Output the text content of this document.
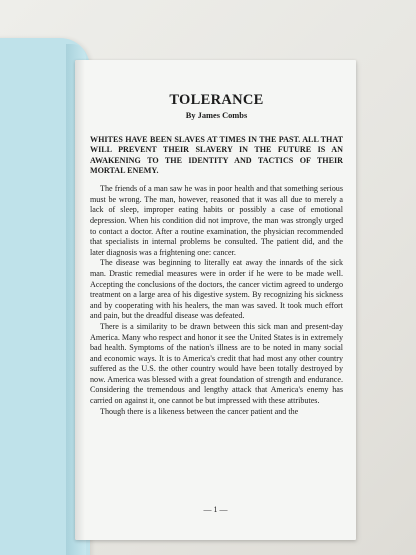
TOLERANCE

By James Combs

WHITES HAVE BEEN SLAVES AT TIMES IN THE PAST. ALL THAT WILL PREVENT THEIR SLAVERY IN THE FUTURE IS AN AWAKENING TO THE IDENTITY AND TACTICS OF THEIR MORTAL ENEMY.

The friends of a man saw he was in poor health and that something serious must be wrong. The man, however, reasoned that it was all due to merely a lack of sleep, improper eating habits or possibly a case of emotional depression. When his condition did not improve, the man was strongly urged to contact a doctor. After a routine examination, the physician recommended that specialists in internal problems be consulted. The patient did, and the later diagnosis was a frightening one: cancer.

The disease was beginning to literally eat away the innards of the sick man. Drastic remedial measures were in order if he were to be made well. Accepting the conclusions of the doctors, the cancer victim agreed to undergo treatment on a large area of his digestive system. By recognizing his sickness and by cooperating with his healers, the man was saved. It took much effort and pain, but the dreadful disease was defeated.

There is a similarity to be drawn between this sick man and present-day America. Many who respect and honor it see the United States is in extremely bad health. Symptoms of the nation's illness are to be noted in many social and economic ways. It is to America's credit that had most any other country suffered as the U.S. the other country would have been totally destroyed by now. America was blessed with a great foundation of strength and endurance. Considering the tremendous and lengthy attack that America's enemy has carried on against it, one cannot be but impressed with these attributes.

Though there is a likeness between the cancer patient and the

— 1 —
